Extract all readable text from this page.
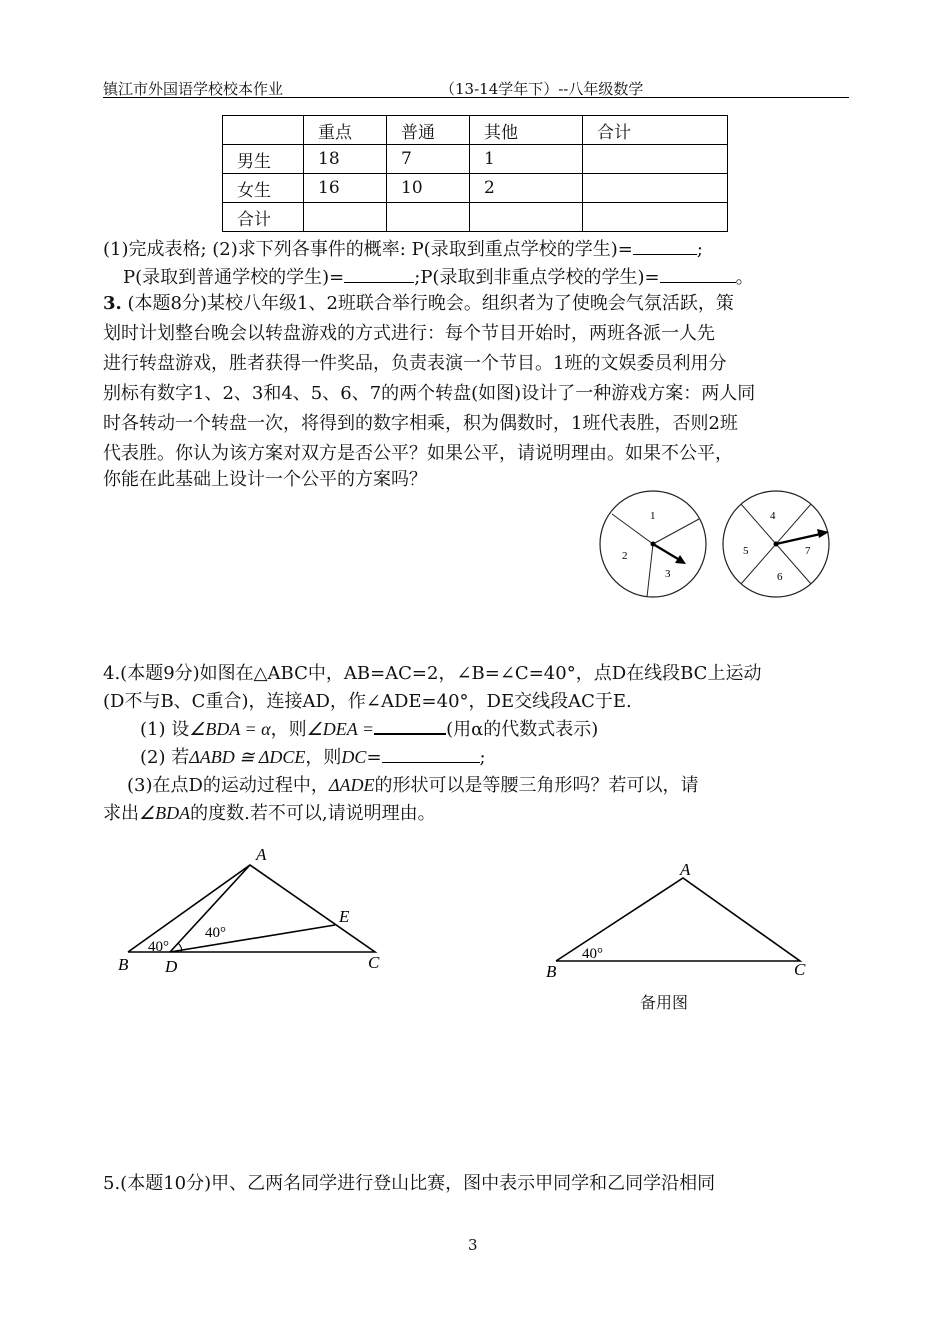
镇江市外国语学校校本作业	（13-14学年下）--八年级数学
	重点	普通	其他	合计
男生	18	7	1	
女生	16	10	2	
合计				
(1)完成表格; (2)求下列各事件的概率: P(录取到重点学校的学生)=	;
P(录取到普通学校的学生)=	;P(录取到非重点学校的学生)=	。
3. (本题8分)某校八年级1、2班联合举行晚会。组织者为了使晚会气氛活跃，策
划时计划整台晚会以转盘游戏的方式进行：每个节目开始时，两班各派一人先
进行转盘游戏，胜者获得一件奖品，负责表演一个节目。1班的文娱委员利用分
别标有数字1、2、3和4、5、6、7的两个转盘(如图)设计了一种游戏方案：两人同
时各转动一个转盘一次，将得到的数字相乘，积为偶数时，1班代表胜，否则2班
代表胜。你认为该方案对双方是否公平？如果公平，请说明理由。如果不公平，
你能在此基础上设计一个公平的方案吗？
1
2
3
4
5
6
7
4.(本题9分)如图在△ABC中，AB=AC=2，∠B=∠C=40°，点D在线段BC上运动
(D不与B、C重合)，连接AD，作∠ADE=40°，DE交线段AC于E.
(1) 设∠BDA = α，则∠DEA =	(用α的代数式表示)
(2) 若ΔABD ≅ ΔDCE，则DC=	;
(3)在点D的运动过程中，ΔADE的形状可以是等腰三角形吗？若可以，请
求出∠BDA的度数.若不可以,请说明理由。
A
B	C
D
E
40°
40°
A
B	C
40°
备用图
5.(本题10分)甲、乙两名同学进行登山比赛，图中表示甲同学和乙同学沿相同
3
